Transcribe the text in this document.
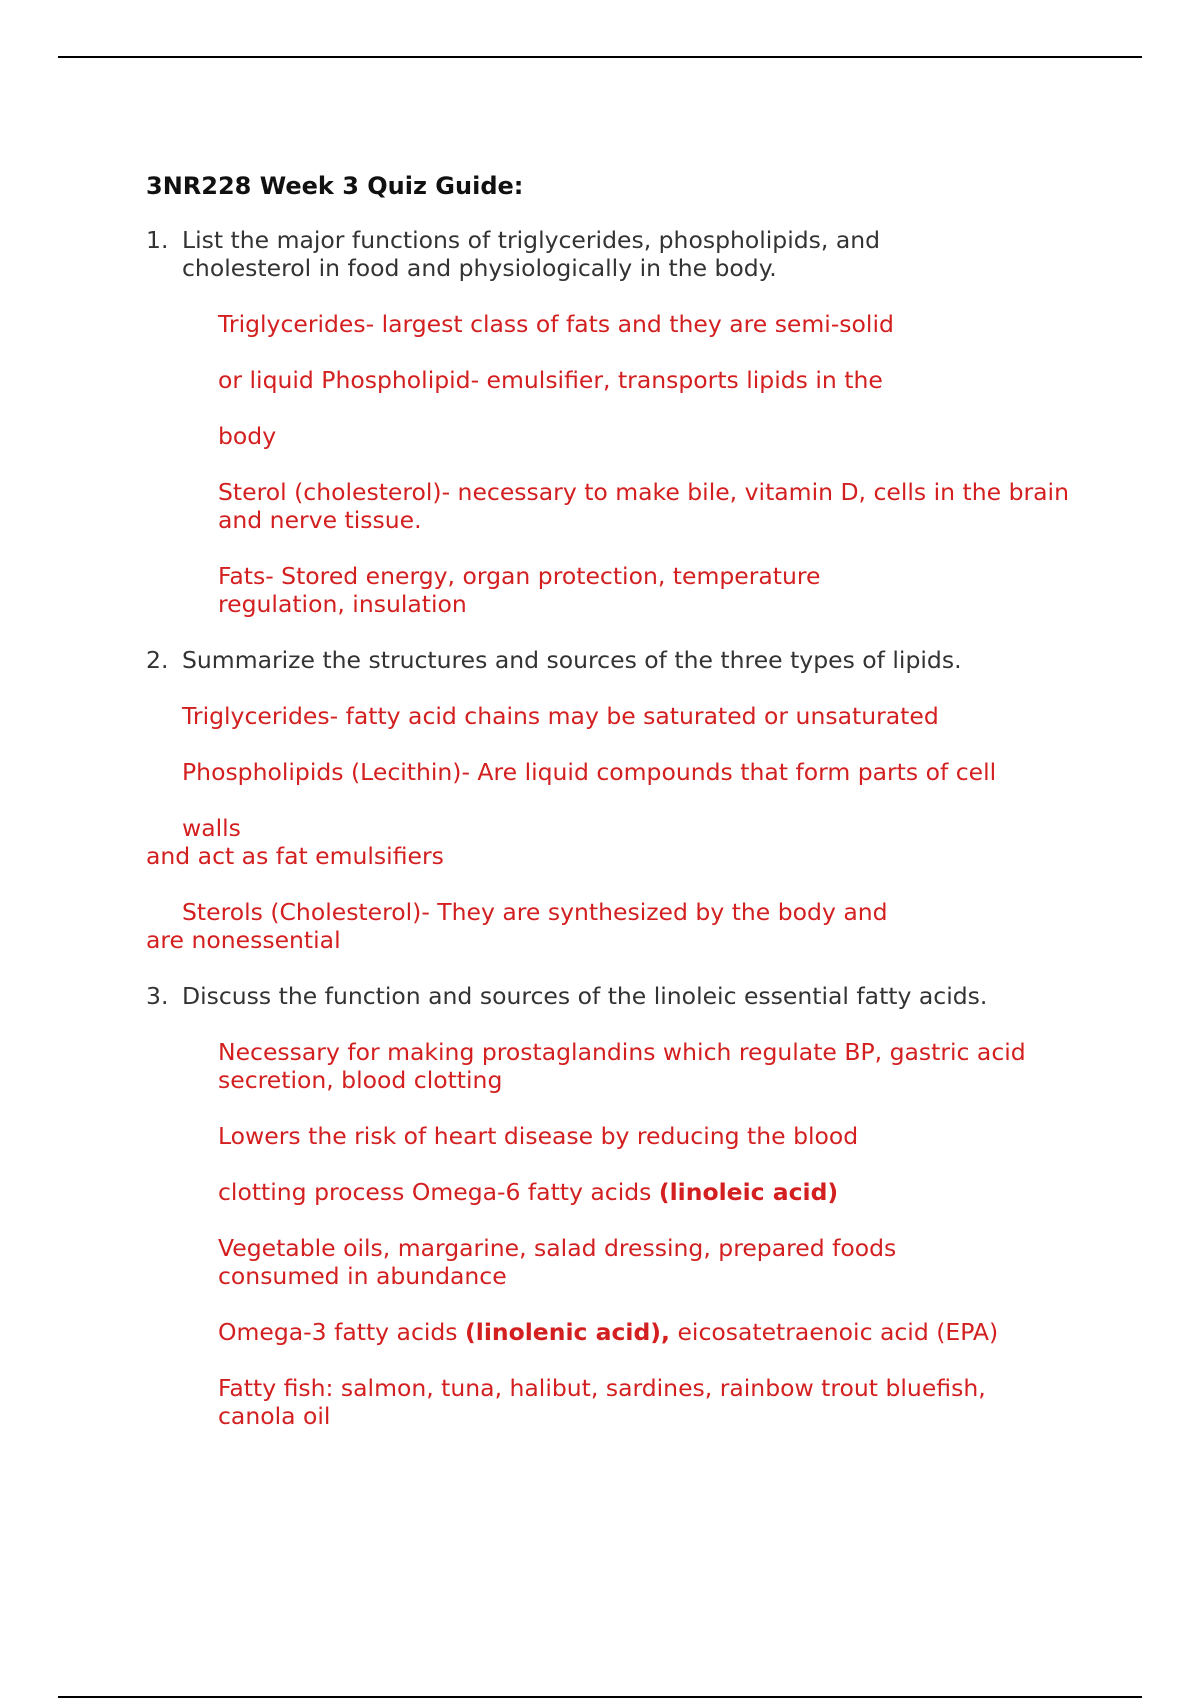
3NR228 Week 3 Quiz Guide:
1. List the major functions of triglycerides, phospholipids, and cholesterol in food and physiologically in the body.
Triglycerides- largest class of fats and they are semi-solid
or liquid Phospholipid- emulsifier, transports lipids in the
body
Sterol (cholesterol)- necessary to make bile, vitamin D, cells in the brain and nerve tissue.
Fats- Stored energy, organ protection, temperature regulation, insulation
2. Summarize the structures and sources of the three types of lipids.
Triglycerides- fatty acid chains may be saturated or unsaturated
Phospholipids (Lecithin)- Are liquid compounds that form parts of cell
walls
and act as fat emulsifiers
Sterols (Cholesterol)- They are synthesized by the body and
are nonessential
3. Discuss the function and sources of the linoleic essential fatty acids.
Necessary for making prostaglandins which regulate BP, gastric acid secretion, blood clotting
Lowers the risk of heart disease by reducing the blood
clotting process Omega-6 fatty acids (linoleic acid)
Vegetable oils, margarine, salad dressing, prepared foods consumed in abundance
Omega-3 fatty acids (linolenic acid), eicosatetraenoic acid (EPA)
Fatty fish: salmon, tuna, halibut, sardines, rainbow trout bluefish, canola oil
